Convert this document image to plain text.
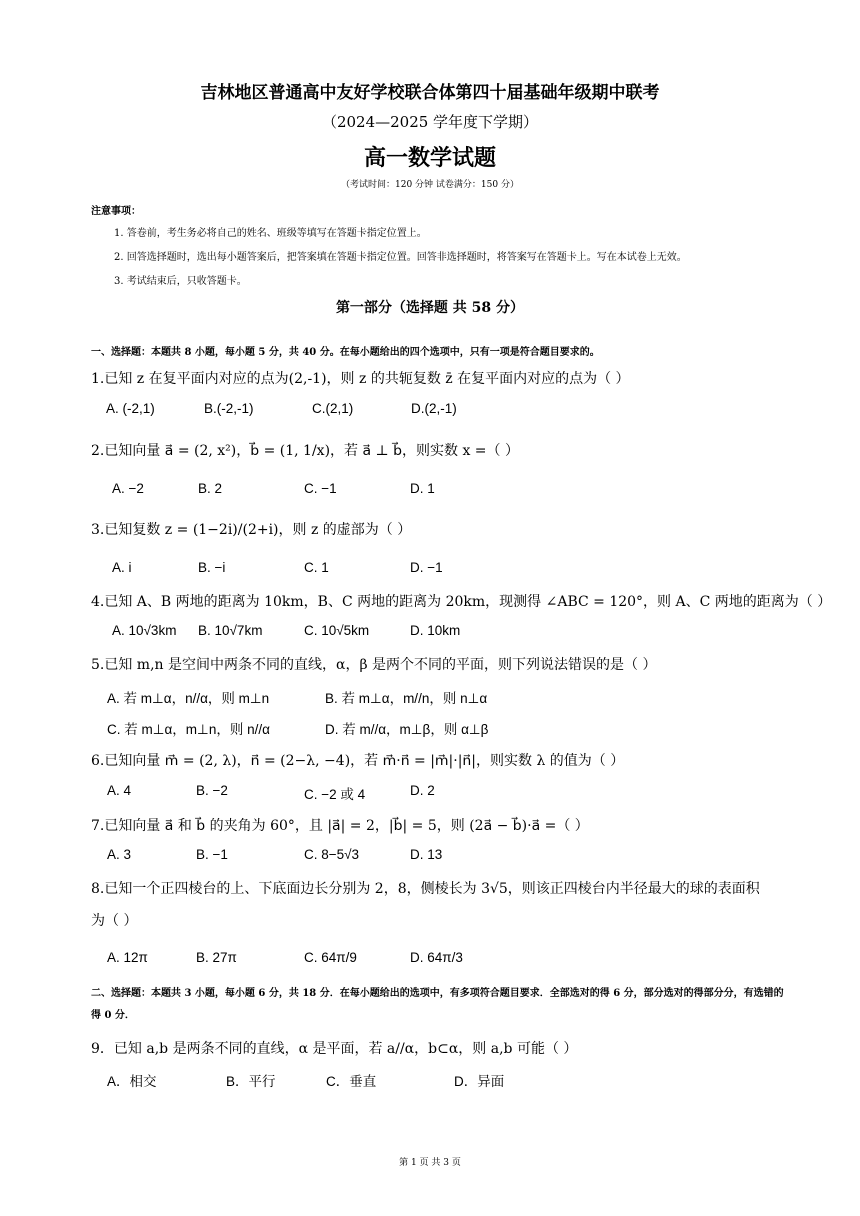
吉林地区普通高中友好学校联合体第四十届基础年级期中联考
（2024—2025 学年度下学期）
高一数学试题
（考试时间：120 分钟 试卷满分：150 分）
注意事项：
1. 答卷前，考生务必将自己的姓名、班级等填写在答题卡指定位置上。
2. 回答选择题时，选出每小题答案后，把答案填在答题卡指定位置。回答非选择题时，将答案写在答题卡上。写在本试卷上无效。
3. 考试结束后，只收答题卡。
第一部分（选择题 共 58 分）
一、选择题：本题共 8 小题，每小题 5 分，共 40 分。在每小题给出的四个选项中，只有一项是符合题目要求的。
1.已知 z 在复平面内对应的点为(2,-1)，则 z 的共轭复数 z̄ 在复平面内对应的点为（ ）
A. (-2,1)	B.(-2,-1)	C.(2,1)	D.(2,-1)
2.已知向量 a⃗ = (2, x²)，b⃗ = (1, 1/x)，若 a⃗ ⊥ b⃗，则实数 x =（ ）
A. −2	B. 2	C. −1	D. 1
3.已知复数 z = (1−2i)/(2+i)，则 z 的虚部为（ ）
A. i	B. −i	C. 1	D. −1
4.已知 A、B 两地的距离为 10km，B、C 两地的距离为 20km，现测得 ∠ABC = 120°，则 A、C 两地的距离为（ ）
A. 10√3km B. 10√7km	C. 10√5km	D. 10km
5.已知 m,n 是空间中两条不同的直线，α，β 是两个不同的平面，则下列说法错误的是（ ）
A. 若 m⊥α，n//α，则 m⊥n	B. 若 m⊥α，m//n，则 n⊥α
C. 若 m⊥α，m⊥n，则 n//α	D. 若 m//α，m⊥β，则 α⊥β
6.已知向量 m⃗ = (2, λ)，n⃗ = (2−λ, −4)，若 m⃗·n⃗ = |m⃗|·|n⃗|，则实数 λ 的值为（ ）
A. 4	B. −2	C. −2 或 4	D. 2
7.已知向量 a⃗ 和 b⃗ 的夹角为 60°，且 |a⃗| = 2，|b⃗| = 5，则 (2a⃗ − b⃗)·a⃗ =（ ）
A. 3	B. −1	C. 8−5√3	D. 13
8.已知一个正四棱台的上、下底面边长分别为 2，8，侧棱长为 3√5，则该正四棱台内半径最大的球的表面积
为（ ）
A. 12π	B. 27π	C. 64π/9	D. 64π/3
二、选择题：本题共 3 小题，每小题 6 分，共 18 分．在每小题给出的选项中，有多项符合题目要求．全部选对的得 6 分，部分选对的得部分分，有选错的得 0 分．
9．已知 a,b 是两条不同的直线，α 是平面，若 a//α，b⊂α，则 a,b 可能（ ）
A．相交	B．平行	C．垂直	D．异面
第 1 页 共 3 页
